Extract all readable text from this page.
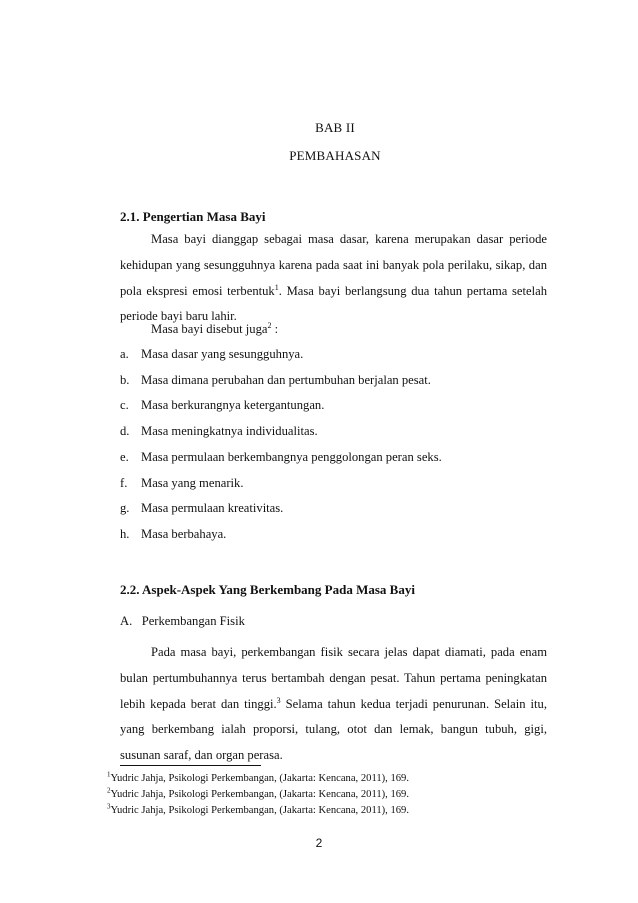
BAB II
PEMBAHASAN
2.1. Pengertian Masa Bayi
Masa bayi dianggap sebagai masa dasar, karena merupakan dasar periode kehidupan yang sesungguhnya karena pada saat ini banyak pola perilaku, sikap, dan pola ekspresi emosi terbentuk$^1$. Masa bayi berlangsung dua tahun pertama setelah periode bayi baru lahir.
Masa bayi disebut juga$^2$ :
a. Masa dasar yang sesungguhnya.
b. Masa dimana perubahan dan pertumbuhan berjalan pesat.
c. Masa berkurangnya ketergantungan.
d. Masa meningkatnya individualitas.
e. Masa permulaan berkembangnya penggolongan peran seks.
f. Masa yang menarik.
g. Masa permulaan kreativitas.
h. Masa berbahaya.
2.2. Aspek-Aspek Yang Berkembang Pada Masa Bayi
A.   Perkembangan Fisik
Pada masa bayi, perkembangan fisik secara jelas dapat diamati, pada enam bulan pertumbuhannya terus bertambah dengan pesat. Tahun pertama peningkatan lebih kepada berat dan tinggi.$^3$ Selama tahun kedua terjadi penurunan. Selain itu, yang berkembang ialah proporsi, tulang, otot dan lemak, bangun tubuh, gigi, susunan saraf, dan organ perasa.
$^1$Yudric Jahja, Psikologi Perkembangan, (Jakarta: Kencana, 2011), 169.
$^2$Yudric Jahja, Psikologi Perkembangan, (Jakarta: Kencana, 2011), 169.
$^3$Yudric Jahja, Psikologi Perkembangan, (Jakarta: Kencana, 2011), 169.
2
